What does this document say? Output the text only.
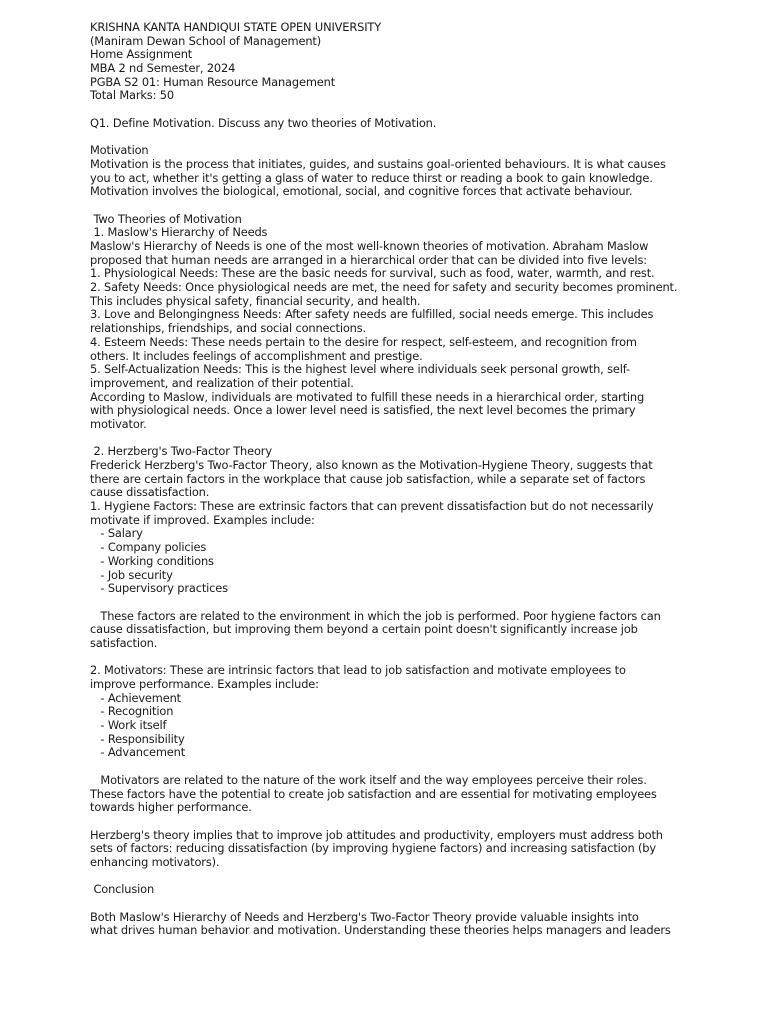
KRISHNA KANTA HANDIQUI STATE OPEN UNIVERSITY
(Maniram Dewan School of Management)
Home Assignment
MBA 2 nd Semester, 2024
PGBA S2 01: Human Resource Management
Total Marks: 50
Q1. Define Motivation. Discuss any two theories of Motivation.
Motivation
Motivation is the process that initiates, guides, and sustains goal-oriented behaviours. It is what causes
you to act, whether it's getting a glass of water to reduce thirst or reading a book to gain knowledge.
Motivation involves the biological, emotional, social, and cognitive forces that activate behaviour.
Two Theories of Motivation
1. Maslow's Hierarchy of Needs
Maslow's Hierarchy of Needs is one of the most well-known theories of motivation. Abraham Maslow
proposed that human needs are arranged in a hierarchical order that can be divided into five levels:
1. Physiological Needs: These are the basic needs for survival, such as food, water, warmth, and rest.
2. Safety Needs: Once physiological needs are met, the need for safety and security becomes prominent.
This includes physical safety, financial security, and health.
3. Love and Belongingness Needs: After safety needs are fulfilled, social needs emerge. This includes
relationships, friendships, and social connections.
4. Esteem Needs: These needs pertain to the desire for respect, self-esteem, and recognition from
others. It includes feelings of accomplishment and prestige.
5. Self-Actualization Needs: This is the highest level where individuals seek personal growth, self-
improvement, and realization of their potential.
According to Maslow, individuals are motivated to fulfill these needs in a hierarchical order, starting
with physiological needs. Once a lower level need is satisfied, the next level becomes the primary
motivator.
2. Herzberg's Two-Factor Theory
Frederick Herzberg's Two-Factor Theory, also known as the Motivation-Hygiene Theory, suggests that
there are certain factors in the workplace that cause job satisfaction, while a separate set of factors
cause dissatisfaction.
1. Hygiene Factors: These are extrinsic factors that can prevent dissatisfaction but do not necessarily
motivate if improved. Examples include:
- Salary
- Company policies
- Working conditions
- Job security
- Supervisory practices
These factors are related to the environment in which the job is performed. Poor hygiene factors can
cause dissatisfaction, but improving them beyond a certain point doesn't significantly increase job
satisfaction.
2. Motivators: These are intrinsic factors that lead to job satisfaction and motivate employees to
improve performance. Examples include:
- Achievement
- Recognition
- Work itself
- Responsibility
- Advancement
Motivators are related to the nature of the work itself and the way employees perceive their roles.
These factors have the potential to create job satisfaction and are essential for motivating employees
towards higher performance.
Herzberg's theory implies that to improve job attitudes and productivity, employers must address both
sets of factors: reducing dissatisfaction (by improving hygiene factors) and increasing satisfaction (by
enhancing motivators).
Conclusion
Both Maslow's Hierarchy of Needs and Herzberg's Two-Factor Theory provide valuable insights into
what drives human behavior and motivation. Understanding these theories helps managers and leaders
